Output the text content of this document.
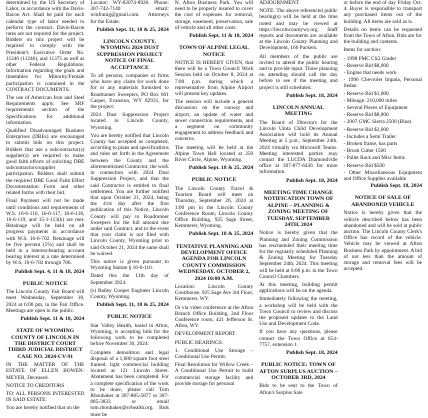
determined by the US Secretary of Labor, in accordance with the Davis-Bacon Act. Shall be paid for each calendar type of labor needed to perform the contract. Davis-Bacon rates are not required for the project. Bidders on this project will be required to comply with the President's Executive Order No. 11246 (11246), and 11375 as well as other Federal Regulations. Information regarding the goals and timetables for Minority/Female participation is contained in the CONTRACT DOCUMENTS.

The use of American Iron and Steel Requirements apply. See SRF requirements section of the Specifications for additional information.

Qualified Disadvantaged Business Enterprises (DBEs) are encouraged to submit bids on this project. Bidders that use a subcontractor(s) supplier(s) are required to make good faith efforts of soliciting DBE subcontractors/supplier participation. Bidders shall submit the required DBE Good Faith Effort Documentation Form and other related forms with their bid.

Final Payment will not be made until conditions and requirements of W.S. 16-6-116, 16-6-117, 16-6-118, 16-6-119, and 15-1-113(k) are met. Retainage will be held on all progress payments in accordance with W.S. 16-6-702. Retainage will be five percent (5%) and shall be held in a interest-bearing account bearing interest at a rate determined by W.S. 16-6-702 through 706.

Publish Sept. 4, 11 & 18, 2024
PUBLIC NOTICE

The Lincoln County Fair Board will meet Wednesday, September 18, 2024 at 6:00 pm, in the Fair Office. Meetings are open to the public.

Publish Sept. 11 & 18, 2024
STATE OF WYOMING COUNTY OF LINCOLN IN THE DISTRICT COURT THIRD JUDICIAL DISTRICT CASE NO. 2024-CV-91

IN THE MATTER OF THE ESTATE OF ELLEN BOWEN-MEYER, Deceased.

NOTICE TO CREDITORS

TO: ALL PERSONS INTERESTED IN SAID ESTATE:

You are hereby notified that on the

Locator: WY-82074-8926. Phone: 307-742-7140 email: winfranig@gmail.com. Attorneys for the Estate.

Publish Sept. 11, 18 & 25, 2024
LINCOLN COUNTY, WYOMING 2024 DUST SUPPRESSION PROJECT NOTICE OF FINAL ACCEPTANCE

To all persons, companies or firms who have any claim for work done for or any materials furnished to Roadrunner Sweepers, PO Box 661 Casper, Evanston, WY 82931, for the project:

2024 Dust Suppression Project located in Lincoln County, Wyoming.

You are hereby notified that Lincoln County has accepted as completed, according to plans and specifications and rules set forth in the Agreement between the County and the aforementioned Contractor, the work in connection with 2024 Dust Suppression Project, and that the said Contractor is entitled to final settlement. You are further notified that upon October 21, 2024, being the 41st day after the first publication of this Notice, Lincoln County will pay to Roadrunner Sweepers Inc the full amount due under said Contract, and in the event that your claim is not filed with Lincoln County, Wyoming prior to said October 21, 2024 the same shall be waived.

This notice is given pursuant to Wyoming Statute § 16-6-116.

Dated this the 11th day of September 2024.

(s) Bailey Cooper Engineer Lincoln County, Wyoming.

Publish Sept. 11, 18 & 25, 2024
PUBLIC NOTICE

Star Valley Health, based in Afton, Wyoming, is accepting bids for the following work to be completed before November 30, 2024:

Complete demolition and legal disposal of a 1,600 square foot steel framed, light commercial building located at 121 Lincoln Street. Abatement has been completed. For a complete specification of the work to be done, please call Tom Rhoubaker at 307-885-5877 or 307-885-3833 or email tom.rhoubaker@svhealth.org. Bids must be

N. Afton Business Park. You will need to be properly insured to cover the cost of expenses for removal, storage, easement, preservation, sale of vehicle and all other costs.

Publish Sept. 11 & 18, 2024
TOWN OF ALPINE LEGAL NOTICE

NOTICE IS HEREBY GIVEN, that there will be a Town Council Work Session held on October 8, 2024 at 7:00 p.m. during which a representative from Alpine Airport will present key updates.

The session will include a general discussion on the runway and airport, an update of water and sewer connection requirements, and a segment on community engagement to address feedback and concerns.

The meeting will be held at the Alpine Town Hall located at 250 River Circle, Alpine, Wyoming.

Publish Sept. 18 & 25, 2024
PUBLIC NOTICE

The Lincoln County Travel & Tourism Board will meet on Thursday, September 26, 2024 at 1:00 pm in the Lincoln County Conference Room, Lincoln County Office Building, 925 Sage Street, Kemmerer, Wyoming.

Publish Sept. 18 & 25, 2024
TENTATIVE PLANNING AND DEVELOPMENT OFFICE AGENDA FOR LINCOLN COUNTY COMMISSION WEDNESDAY, OCTOBER 2, 2024 10:00 A.M.

Location: Lincoln County Courthouse, 925 Sage Ave 3rd Floor, Kemmerer, WY.

Or via video conference at the Afton Branch Office Building, 2nd Floor Conference room, 421 Jefferson St. Afton, WY.

DEVELOPMENT REPORT

PUBLIC HEARINGS:

1. Conditional Use Storage – Conditional Use Permit.

Final Resolution for Willow Creek – A Conditional Use Permit to build commercial storage facility and provide storage for personal

ADJOURNMENT

NOTE: The above referenced public hearing(s) will be held at the time noted and may be viewed at https://lincolncountywy.org. Staff reports and documents are available at the Lincoln County Planning and Development, 160 Packers.

All members of the public are invited to attend the public hearing and to provide input. Those planning on attending should call the day before to see if the meeting and project is still scheduled.

Publish Sept. 18, 2024
LINCOLN ANNUAL MEETING

The Board of Directors for the Lincoln Uinta Child Development Association will hold its Annual Meeting at 5 p.m., September 24th, 2024 virtually via Microsoft Teams. Meeting interested parties may contact the LUCDA Diamondville office at 307-877-6436 for more information.

Publish Sept. 18, 2024
MEETING TIME CHANGE NOTIFICATION TOWN OF ALPINE – PLANNING & ZONING MEETING OF TUESDAY, SEPTEMBER 24TH, 2024

Notice is hereby given that the Planning and Zoning Commission has rescheduled their meeting time for the regularly scheduled Planning & Zoning Meeting for Tuesday September 24th, 2024. This meeting will be held at 6:00 p.m. in the Town Council Chambers.

At this meeting, building permit applications will be on the agenda.

Immediately following the meeting, a workshop will be held with the Town Council to review and discuss the proposed updates to the Land Use and Development Code.

If you have any questions, please contact the Town Office at 654-7757, extension 1.

Publish Sept. 18, 2024
PUBLIC NOTICE: TOWN OF AFTON SURPLUS AUCTION – OCTOBER 3RD, 2024

Bids to be sent to the Town of Afton's Surplus Sale

or before the end of day Friday Oct. 4. Buyer is responsible to transport any purchased items out of the building. All items are sold as is.

Details on items can be requested from the Town of Afton. Bids are for the building and contents.

Items for auction:

- 1998 FMC CS2 Grader
- Reserve Bid $8,000
- Engine that needs work
- 1996 Chevrolet Impala, Personal Sedan
- Reserve Bid $1,000
- Mileage: 210,000 miles
- Several Pieces of Equipment
- Reserve Bid $8,000
- 2007 GMC Sierra 2500 (Blue)
- Reserve Bid $3,000
- Includes a Semi Trailer
- Broken frame, has parts
- Brush Cutter 1500
- Pallet Rack and Misc Items
- Reserve Bid $500
- Other Miscellaneous Equipment and Office Supplies available
Publish Sept. 18, 2024
NOTICE OF SALE OF ABANDONED VEHICLE

Notice is hereby given that the vehicle described below has been abandoned and will be sold at public auction. The Lincoln County Clerk's Office has record of the vehicle. Vehicle may be viewed at Afton Business Park by appointment. A bid of not less than the amount of storage and removal fees will be accepted.
